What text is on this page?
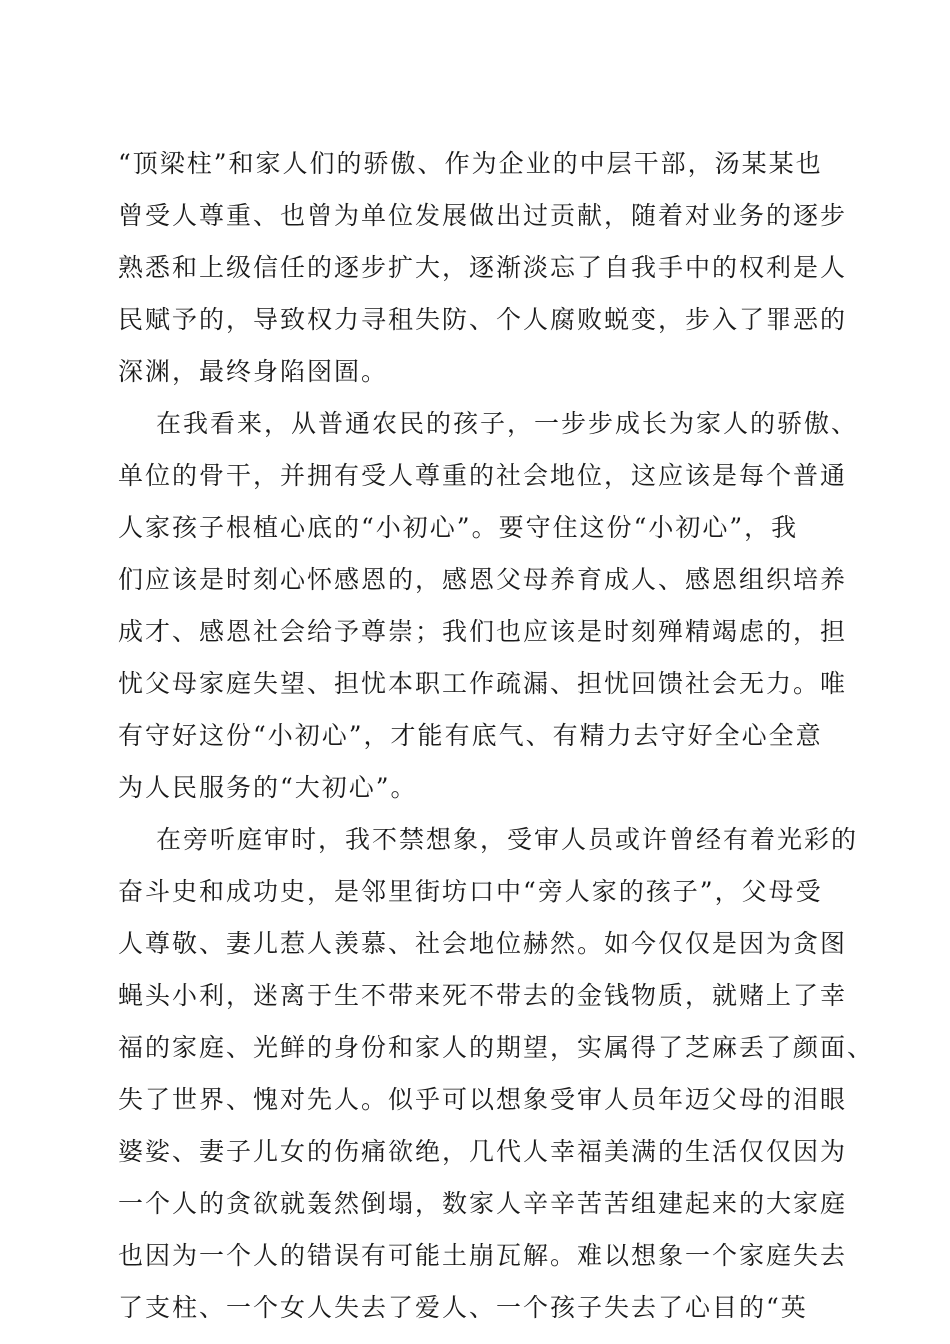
“顶梁柱”和家人们的骄傲、作为企业的中层干部，汤某某也
曾受人尊重、也曾为单位发展做出过贡献，随着对业务的逐步
熟悉和上级信任的逐步扩大，逐渐淡忘了自我手中的权利是人
民赋予的，导致权力寻租失防、个人腐败蜕变，步入了罪恶的
深渊，最终身陷囹圄。
在我看来，从普通农民的孩子，一步步成长为家人的骄傲、
单位的骨干，并拥有受人尊重的社会地位，这应该是每个普通
人家孩子根植心底的“小初心”。要守住这份“小初心”，我
们应该是时刻心怀感恩的，感恩父母养育成人、感恩组织培养
成才、感恩社会给予尊崇；我们也应该是时刻殚精竭虑的，担
忧父母家庭失望、担忧本职工作疏漏、担忧回馈社会无力。唯
有守好这份“小初心”，才能有底气、有精力去守好全心全意
为人民服务的“大初心”。
在旁听庭审时，我不禁想象，受审人员或许曾经有着光彩的
奋斗史和成功史，是邻里街坊口中“旁人家的孩子”，父母受
人尊敬、妻儿惹人羡慕、社会地位赫然。如今仅仅是因为贪图
蝇头小利，迷离于生不带来死不带去的金钱物质，就赌上了幸
福的家庭、光鲜的身份和家人的期望，实属得了芝麻丢了颜面、
失了世界、愧对先人。似乎可以想象受审人员年迈父母的泪眼
婆娑、妻子儿女的伤痛欲绝，几代人幸福美满的生活仅仅因为
一个人的贪欲就轰然倒塌，数家人辛辛苦苦组建起来的大家庭
也因为一个人的错误有可能土崩瓦解。难以想象一个家庭失去
了支柱、一个女人失去了爱人、一个孩子失去了心目的“英
